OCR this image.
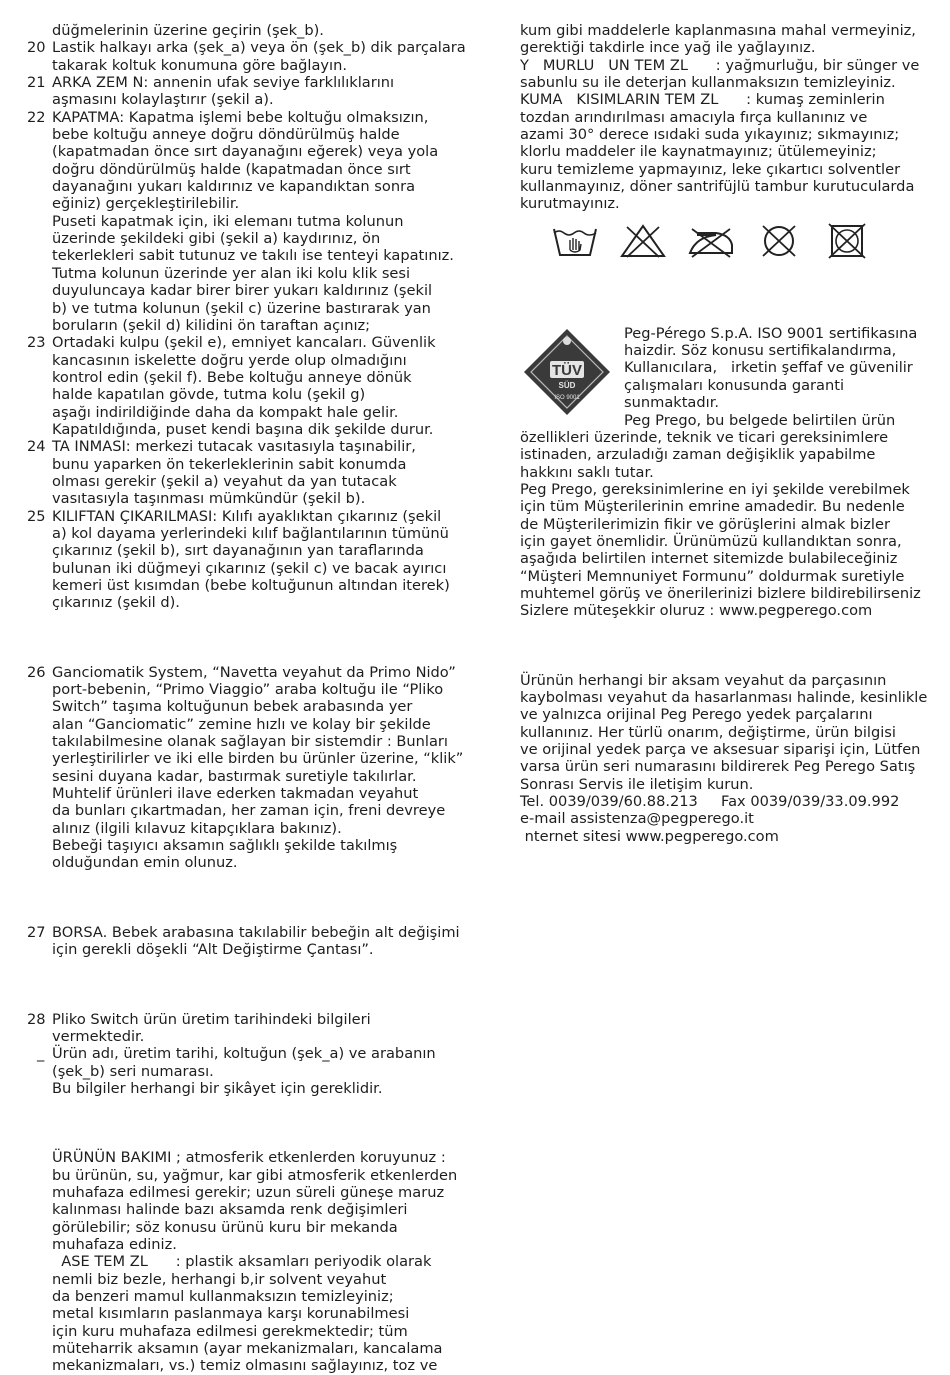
düğmelerinin üzerine geçirin (şek_b).
20 Lastik halkayı arka (şek_a) veya ön (şek_b) dik parçalara
takarak koltuk konumuna göre bağlayın.
21 ARKA ZEM N: annenin ufak seviye farklılıklarını
aşmasını kolaylaştırır (şekil a).
22 KAPATMA: Kapatma işlemi bebe koltuğu olmaksızın,
bebe koltuğu anneye doğru döndürülmüş halde
(kapatmadan önce sırt dayanağını eğerek) veya yola
doğru döndürülmüş halde (kapatmadan önce sırt
dayanağını yukarı kaldırınız ve kapandıktan sonra
eğiniz) gerçekleştirilebilir.
Puseti kapatmak için, iki elemanı tutma kolunun
üzerinde şekildeki gibi (şekil a) kaydırınız, ön
tekerlekleri sabit tutunuz ve takılı ise tenteyi kapatınız.
Tutma kolunun üzerinde yer alan iki kolu klik sesi
duyuluncaya kadar birer birer yukarı kaldırınız (şekil
b) ve tutma kolunun (şekil c) üzerine bastırarak yan
boruların (şekil d) kilidini ön taraftan açınız;
23 Ortadaki kulpu (şekil e), emniyet kancaları. Güvenlik
kancasının iskelette doğru yerde olup olmadığını
kontrol edin (şekil f). Bebe koltuğu anneye dönük
halde kapatılan gövde, tutma kolu (şekil g)
aşağı indirildiğinde daha da kompakt hale gelir.
Kapatıldığında, puset kendi başına dik şekilde durur.
24 TA INMASI: merkezi tutacak vasıtasıyla taşınabilir,
bunu yaparken ön tekerleklerinin sabit konumda
olması gerekir (şekil a) veyahut da yan tutacak
vasıtasıyla taşınması mümkündür (şekil b).
25 KILIFTAN ÇIKARILMASI: Kılıfı ayaklıktan çıkarınız (şekil
a) kol dayama yerlerindeki kılıf bağlantılarının tümünü
çıkarınız (şekil b), sırt dayanağının yan taraflarında
bulunan iki düğmeyi çıkarınız (şekil c) ve bacak ayırıcı
kemeri üst kısımdan (bebe koltuğunun altından iterek)
çıkarınız (şekil d).
26 Ganciomatik System, “Navetta veyahut da Primo Nido”
port-bebenin, “Primo Viaggio” araba koltuğu ile “Pliko
Switch” taşıma koltuğunun bebek arabasında yer
alan “Ganciomatic” zemine hızlı ve kolay bir şekilde
takılabilmesine olanak sağlayan bir sistemdir : Bunları
yerleştirilirler ve iki elle birden bu ürünler üzerine, “klik”
sesini duyana kadar, bastırmak suretiyle takılırlar.
Muhtelif ürünleri ilave ederken takmadan veyahut
da bunları çıkartmadan, her zaman için, freni devreye
alınız (ilgili kılavuz kitapçıklara bakınız).
Bebeği taşıyıcı aksamın sağlıklı şekilde takılmış
olduğundan emin olunuz.
27 BORSA. Bebek arabasına takılabilir bebeğin alt değişimi
için gerekli döşekli “Alt Değiştirme Çantası”.
28 Pliko Switch ürün üretim tarihindeki bilgileri
vermektedir.
_ Ürün adı, üretim tarihi, koltuğun (şek_a) ve arabanın
(şek_b) seri numarası.
Bu bilgiler herhangi bir şikâyet için gereklidir.
ÜRÜNÜN BAKIMI ; atmosferik etkenlerden koruyunuz :
bu ürünün, su, yağmur, kar gibi atmosferik etkenlerden
muhafaza edilmesi gerekir; uzun süreli güneşe maruz
kalınması halinde bazı aksamda renk değişimleri
görülebilir; söz konusu ürünü kuru bir mekanda
muhafaza ediniz.
ASE TEM ZL      : plastik aksamları periyodik olarak
nemli biz bezle, herhangi b,ir solvent veyahut
da benzeri mamul kullanmaksızın temizleyiniz;
metal kısımların paslanmaya karşı korunabilmesi
için kuru muhafaza edilmesi gerekmektedir; tüm
müteharrik aksamın (ayar mekanizmaları, kancalama
mekanizmaları, vs.) temiz olmasını sağlayınız, toz ve
kum gibi maddelerle kaplanmasına mahal vermeyiniz,
gerektiği takdirle ince yağ ile yağlayınız.
Y   MURLU   UN TEM ZL      : yağmurluğu, bir sünger ve
sabunlu su ile deterjan kullanmaksızın temizleyiniz.
KUMA   KISIMLARIN TEM ZL      : kumaş zeminlerin
tozdan arındırılması amacıyla fırça kullanınız ve
azami 30° derece ısıdaki suda yıkayınız; sıkmayınız;
klorlu maddeler ile kaynatmayınız; ütülemeyiniz;
kuru temizleme yapmayınız, leke çıkartıcı solventler
kullanmayınız, döner santrifüjlü tambur kurutucularda
kurutmayınız.
TÜV
SÜD
ISO 9001
Peg-Pérego S.p.A. ISO 9001 sertifikasına
haizdir. Söz konusu sertifikalandırma,
Kullanıcılara,   irketin şeffaf ve güvenilir
çalışmaları konusunda garanti
sunmaktadır.
Peg Prego, bu belgede belirtilen ürün
özellikleri üzerinde, teknik ve ticari gereksinimlere
istinaden, arzuladığı zaman değişiklik yapabilme
hakkını saklı tutar.
Peg Prego, gereksinimlerine en iyi şekilde verebilmek
için tüm Müşterilerinin emrine amadedir. Bu nedenle
de Müşterilerimizin fikir ve görüşlerini almak bizler
için gayet önemlidir. Ürünümüzü kullandıktan sonra,
aşağıda belirtilen internet sitemizde bulabileceğiniz
“Müşteri Memnuniyet Formunu” doldurmak suretiyle
muhtemel görüş ve önerilerinizi bizlere bildirebilirseniz
Sizlere müteşekkir oluruz : www.pegperego.com
Ürünün herhangi bir aksam veyahut da parçasının
kaybolması veyahut da hasarlanması halinde, kesinlikle
ve yalnızca orijinal Peg Perego yedek parçalarını
kullanınız. Her türlü onarım, değiştirme, ürün bilgisi
ve orijinal yedek parça ve aksesuar siparişi için, Lütfen
varsa ürün seri numarasını bildirerek Peg Perego Satış
Sonrası Servis ile iletişim kurun.
Tel. 0039/039/60.88.213     Fax 0039/039/33.09.992
e-mail assistenza@pegperego.it
nternet sitesi www.pegperego.com
